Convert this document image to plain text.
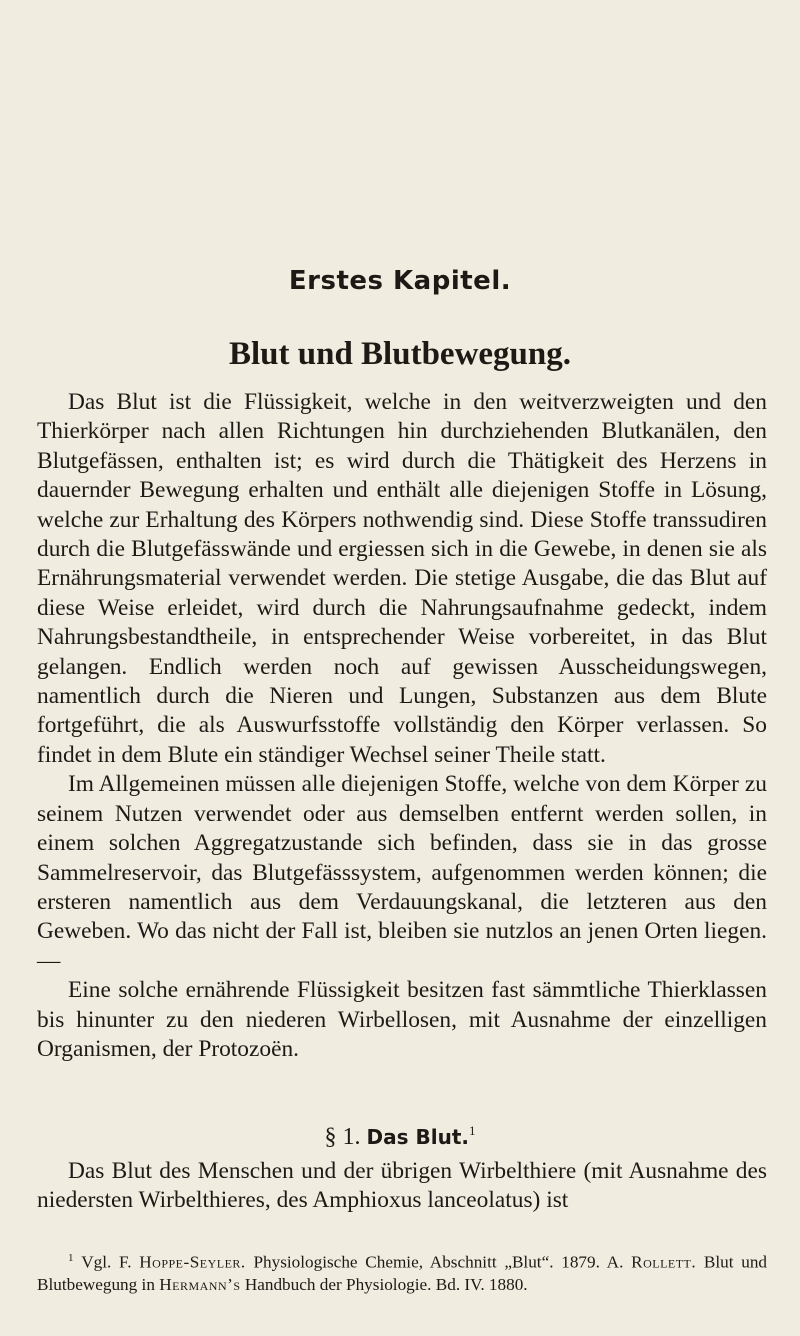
Erstes Kapitel.
Blut und Blutbewegung.

Das Blut ist die Flüssigkeit, welche in den weitverzweigten und den Thierkörper nach allen Richtungen hin durchziehenden Blutkanälen, den Blutgefässen, enthalten ist; es wird durch die Thätigkeit des Herzens in dauernder Bewegung erhalten und enthält alle diejenigen Stoffe in Lösung, welche zur Erhaltung des Körpers nothwendig sind. Diese Stoffe transsudiren durch die Blutgefässwände und ergiessen sich in die Gewebe, in denen sie als Ernährungsmaterial verwendet werden. Die stetige Ausgabe, die das Blut auf diese Weise erleidet, wird durch die Nahrungsaufnahme gedeckt, indem Nahrungsbestandtheile, in entsprechender Weise vorbereitet, in das Blut gelangen. Endlich werden noch auf gewissen Ausscheidungswegen, namentlich durch die Nieren und Lungen, Substanzen aus dem Blute fortgeführt, die als Auswurfsstoffe vollständig den Körper verlassen. So findet in dem Blute ein ständiger Wechsel seiner Theile statt.

Im Allgemeinen müssen alle diejenigen Stoffe, welche von dem Körper zu seinem Nutzen verwendet oder aus demselben entfernt werden sollen, in einem solchen Aggregatzustande sich befinden, dass sie in das grosse Sammelreservoir, das Blutgefässsystem, aufgenommen werden können; die ersteren namentlich aus dem Verdauungskanal, die letzteren aus den Geweben. Wo das nicht der Fall ist, bleiben sie nutzlos an jenen Orten liegen. —

Eine solche ernährende Flüssigkeit besitzen fast sämmtliche Thierklassen bis hinunter zu den niederen Wirbellosen, mit Ausnahme der einzelligen Organismen, der Protozoën.

§ 1. Das Blut.$^1$

Das Blut des Menschen und der übrigen Wirbelthiere (mit Ausnahme des niedersten Wirbelthieres, des Amphioxus lanceolatus) ist

$^1$ Vgl. F. Hoppe-Seyler. Physiologische Chemie, Abschnitt „Blut“. 1879. A. Rollett. Blut und Blutbewegung in Hermann’s Handbuch der Physiologie. Bd. IV. 1880.
